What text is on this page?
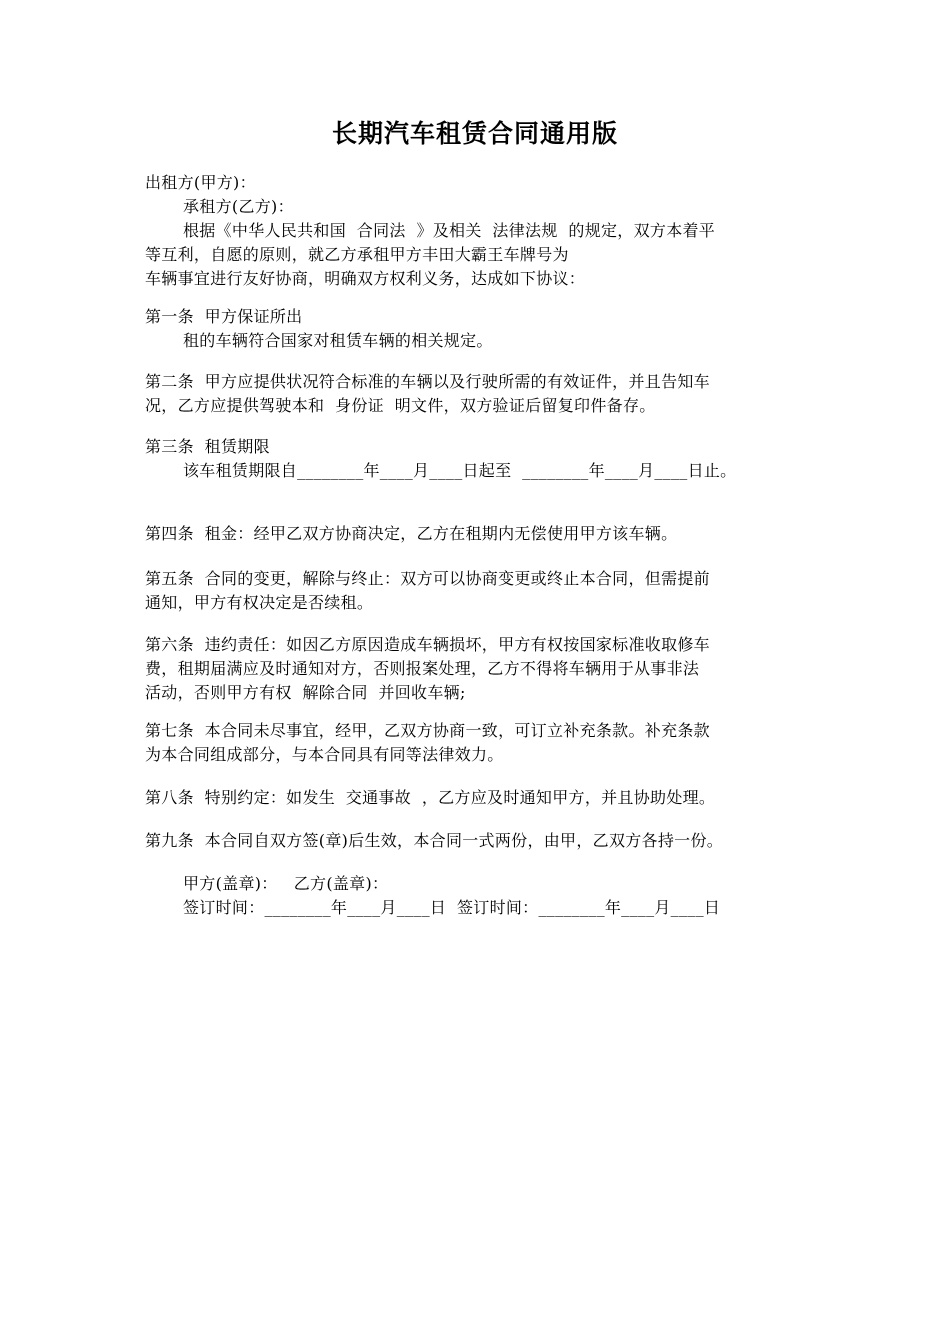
长期汽车租赁合同通用版
出租方(甲方)：
承租方(乙方)：
根据《中华人民共和国  合同法  》及相关  法律法规  的规定，双方本着平
等互利，自愿的原则，就乙方承租甲方丰田大霸王车牌号为
车辆事宜进行友好协商，明确双方权利义务，达成如下协议：
第一条  甲方保证所出
租的车辆符合国家对租赁车辆的相关规定。
第二条  甲方应提供状况符合标准的车辆以及行驶所需的有效证件，并且告知车
况，乙方应提供驾驶本和  身份证  明文件，双方验证后留复印件备存。
第三条  租赁期限
该车租赁期限自________年____月____日起至  ________年____月____日止。
第四条  租金：经甲乙双方协商决定，乙方在租期内无偿使用甲方该车辆。
第五条  合同的变更，解除与终止：双方可以协商变更或终止本合同，但需提前
通知，甲方有权决定是否续租。
第六条  违约责任：如因乙方原因造成车辆损坏，甲方有权按国家标准收取修车
费，租期届满应及时通知对方，否则报案处理，乙方不得将车辆用于从事非法
活动，否则甲方有权  解除合同  并回收车辆;
第七条  本合同未尽事宜，经甲，乙双方协商一致，可订立补充条款。补充条款
为本合同组成部分，与本合同具有同等法律效力。
第八条  特别约定：如发生  交通事故  ，乙方应及时通知甲方，并且协助处理。
第九条  本合同自双方签(章)后生效，本合同一式两份，由甲，乙双方各持一份。
甲方(盖章)：   乙方(盖章)：
签订时间：________年____月____日  签订时间：________年____月____日
